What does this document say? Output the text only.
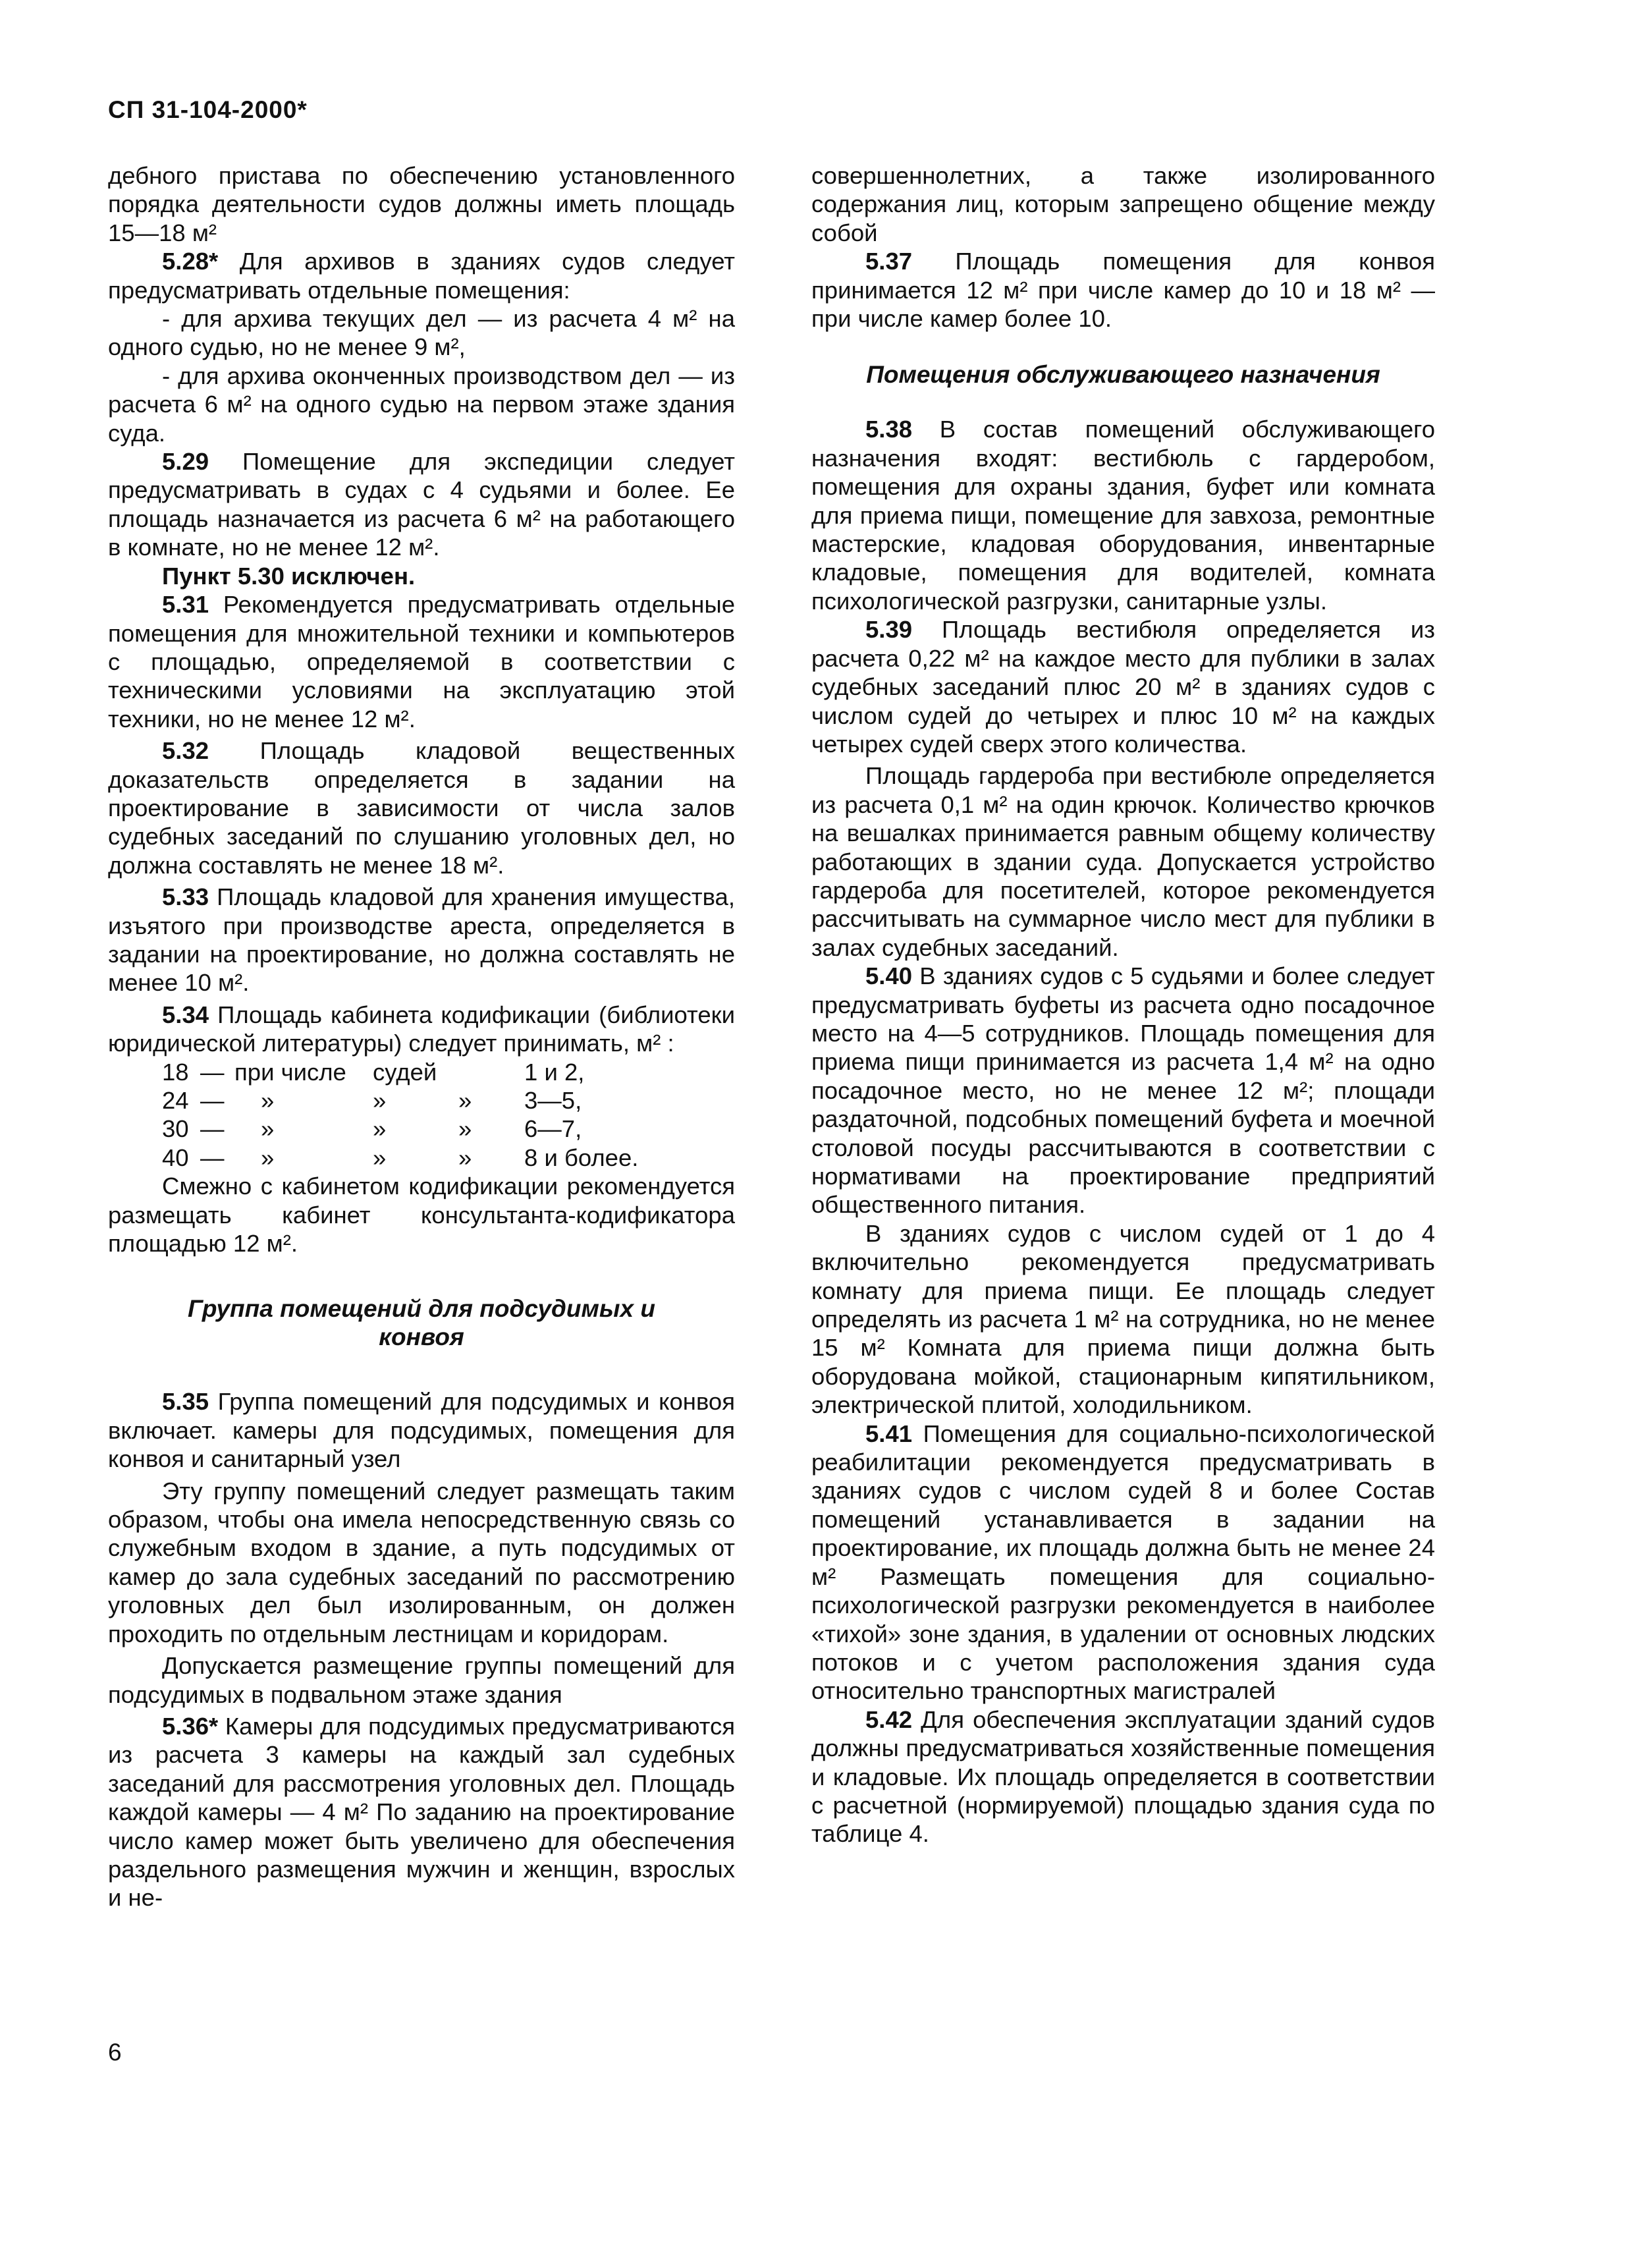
СП 31-104-2000*

дебного пристава по обеспечению установленного порядка деятельности судов должны иметь площадь 15—18 м²

5.28* Для архивов в зданиях судов следует предусматривать отдельные помещения:

- для архива текущих дел — из расчета 4 м² на одного судью, но не менее 9 м²,

- для архива оконченных производством дел — из расчета 6 м² на одного судью на первом этаже здания суда.

5.29 Помещение для экспедиции следует предусматривать в судах с 4 судьями и более. Ее площадь назначается из расчета 6 м² на работающего в комнате, но не менее 12 м².

Пункт 5.30 исключен.

5.31 Рекомендуется предусматривать отдельные помещения для множительной техники и компьютеров с площадью, определяемой в соответствии с техническими условиями на эксплуатацию этой техники, но не менее 12 м².

5.32 Площадь кладовой вещественных доказательств определяется в задании на проектирование в зависимости от числа залов судебных заседаний по слушанию уголовных дел, но должна составлять не менее 18 м².

5.33 Площадь кладовой для хранения имущества, изъятого при производстве ареста, определяется в задании на проектирование, но должна составлять не менее 10 м².

5.34 Площадь кабинета кодификации (библиотеки юридической литературы) следует принимать, м² :

18	—	при числе	судей		1 и 2,
24	—	»	»	»	3—5,
30	—	»	»	»	6—7,
40	—	»	»	»	8 и более.

Смежно с кабинетом кодификации рекомендуется размещать кабинет консультанта-кодификатора площадью 12 м².

Группа помещений для подсудимых и конвоя

5.35 Группа помещений для подсудимых и конвоя включает. камеры для подсудимых, помещения для конвоя и санитарный узел

Эту группу помещений следует размещать таким образом, чтобы она имела непосредственную связь со служебным входом в здание, а путь подсудимых от камер до зала судебных заседаний по рассмотрению уголовных дел был изолированным, он должен проходить по отдельным лестницам и коридорам.

Допускается размещение группы помещений для подсудимых в подвальном этаже здания

5.36* Камеры для подсудимых предусматриваются из расчета 3 камеры на каждый зал судебных заседаний для рассмотрения уголовных дел. Площадь каждой камеры — 4 м² По заданию на проектирование число камер может быть увеличено для обеспечения раздельного размещения мужчин и женщин, взрослых и не-

совершеннолетних, а также изолированного содержания лиц, которым запрещено общение между собой

5.37 Площадь помещения для конвоя принимается 12 м² при числе камер до 10 и 18 м² — при числе камер более 10.

Помещения обслуживающего назначения

5.38 В состав помещений обслуживающего назначения входят: вестибюль с гардеробом, помещения для охраны здания, буфет или комната для приема пищи, помещение для завхоза, ремонтные мастерские, кладовая оборудования, инвентарные кладовые, помещения для водителей, комната психологической разгрузки, санитарные узлы.

5.39 Площадь вестибюля определяется из расчета 0,22 м² на каждое место для публики в залах судебных заседаний плюс 20 м² в зданиях судов с числом судей до четырех и плюс 10 м² на каждых четырех судей сверх этого количества.

Площадь гардероба при вестибюле определяется из расчета 0,1 м² на один крючок. Количество крючков на вешалках принимается равным общему количеству работающих в здании суда. Допускается устройство гардероба для посетителей, которое рекомендуется рассчитывать на суммарное число мест для публики в залах судебных заседаний.

5.40 В зданиях судов с 5 судьями и более следует предусматривать буфеты из расчета одно посадочное место на 4—5 сотрудников. Площадь помещения для приема пищи принимается из расчета 1,4 м² на одно посадочное место, но не менее 12 м²; площади раздаточной, подсобных помещений буфета и моечной столовой посуды рассчитываются в соответствии с нормативами на проектирование предприятий общественного питания.

В зданиях судов с числом судей от 1 до 4 включительно рекомендуется предусматривать комнату для приема пищи. Ее площадь следует определять из расчета 1 м² на сотрудника, но не менее 15 м² Комната для приема пищи должна быть оборудована мойкой, стационарным кипятильником, электрической плитой, холодильником.

5.41 Помещения для социально-психологической реабилитации рекомендуется предусматривать в зданиях судов с числом судей 8 и более Состав помещений устанавливается в задании на проектирование, их площадь должна быть не менее 24 м² Размещать помещения для социально-психологической разгрузки рекомендуется в наиболее «тихой» зоне здания, в удалении от основных людских потоков и с учетом расположения здания суда относительно транспортных магистралей

5.42 Для обеспечения эксплуатации зданий судов должны предусматриваться хозяйственные помещения и кладовые. Их площадь определяется в соответствии с расчетной (нормируемой) площадью здания суда по таблице 4.

6
